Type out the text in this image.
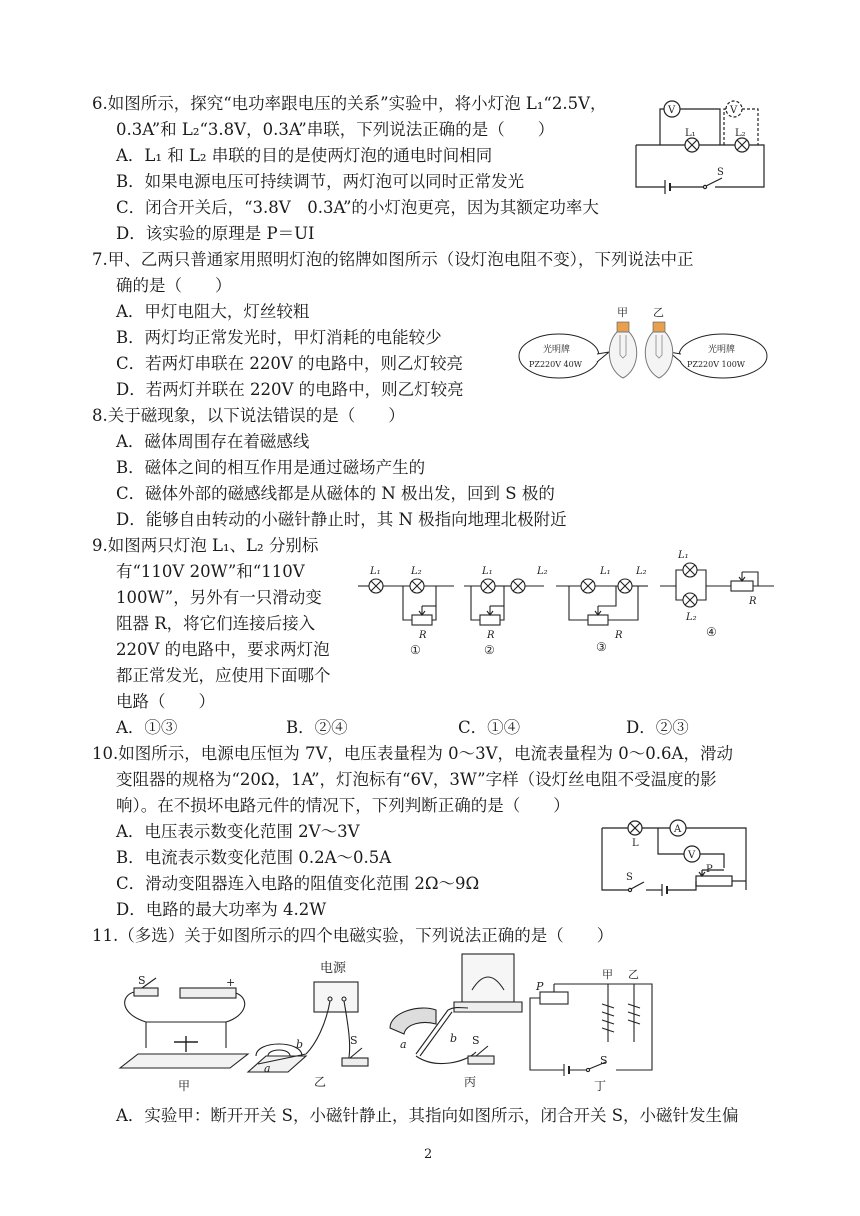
6.如图所示，探究“电功率跟电压的关系”实验中，将小灯泡 L₁“2.5V，
0.3A”和 L₂“3.8V，0.3A”串联，下列说法正确的是（　　）
A．L₁ 和 L₂ 串联的目的是使两灯泡的通电时间相同
B．如果电源电压可持续调节，两灯泡可以同时正常发光
C．闭合开关后，“3.8V　0.3A”的小灯泡更亮，因为其额定功率大
D．该实验的原理是 P＝UI
V	V
L₁	L₂
S
7.甲、乙两只普通家用照明灯泡的铭牌如图所示（设灯泡电阻不变），下列说法中正
确的是（　　）
A．甲灯电阻大，灯丝较粗
B．两灯均正常发光时，甲灯消耗的电能较少
C．若两灯串联在 220V 的电路中，则乙灯较亮
D．若两灯并联在 220V 的电路中，则乙灯较亮
甲 乙
光明牌
PZ220V 40W
光明牌
PZ220V 100W
8.关于磁现象，以下说法错误的是（　　）
A．磁体周围存在着磁感线
B．磁体之间的相互作用是通过磁场产生的
C．磁体外部的磁感线都是从磁体的 N 极出发，回到 S 极的
D．能够自由转动的小磁针静止时，其 N 极指向地理北极附近
9.如图两只灯泡 L₁、L₂ 分别标
有“110V 20W”和“110V
100W”，另外有一只滑动变
阻器 R，将它们连接后接入
220V 的电路中，要求两灯泡
都正常发光，应使用下面哪个
电路（　　）
A．①③	B．②④	C．①④	D．②③
L₁	L₂
R
①
L₁	L₂
R
②
L₁	L₂
R
③
L₁
L₂
R
④
10.如图所示，电源电压恒为 7V，电压表量程为 0～3V，电流表量程为 0～0.6A，滑动
变阻器的规格为“20Ω，1A”，灯泡标有“6V，3W”字样（设灯丝电阻不受温度的影
响）。在不损坏电路元件的情况下，下列判断正确的是（　　）
A．电压表示数变化范围 2V～3V
B．电流表示数变化范围 0.2A～0.5A
C．滑动变阻器连入电路的阻值变化范围 2Ω～9Ω
D．电路的最大功率为 4.2W
L
A
V
S
P
11.（多选）关于如图所示的四个电磁实验，下列说法正确的是（　　）
S	+
甲
电源
b
a
S
乙
b
a	S
丙
P
甲 乙
S
丁
A．实验甲：断开开关 S，小磁针静止，其指向如图所示，闭合开关 S，小磁针发生偏
2
